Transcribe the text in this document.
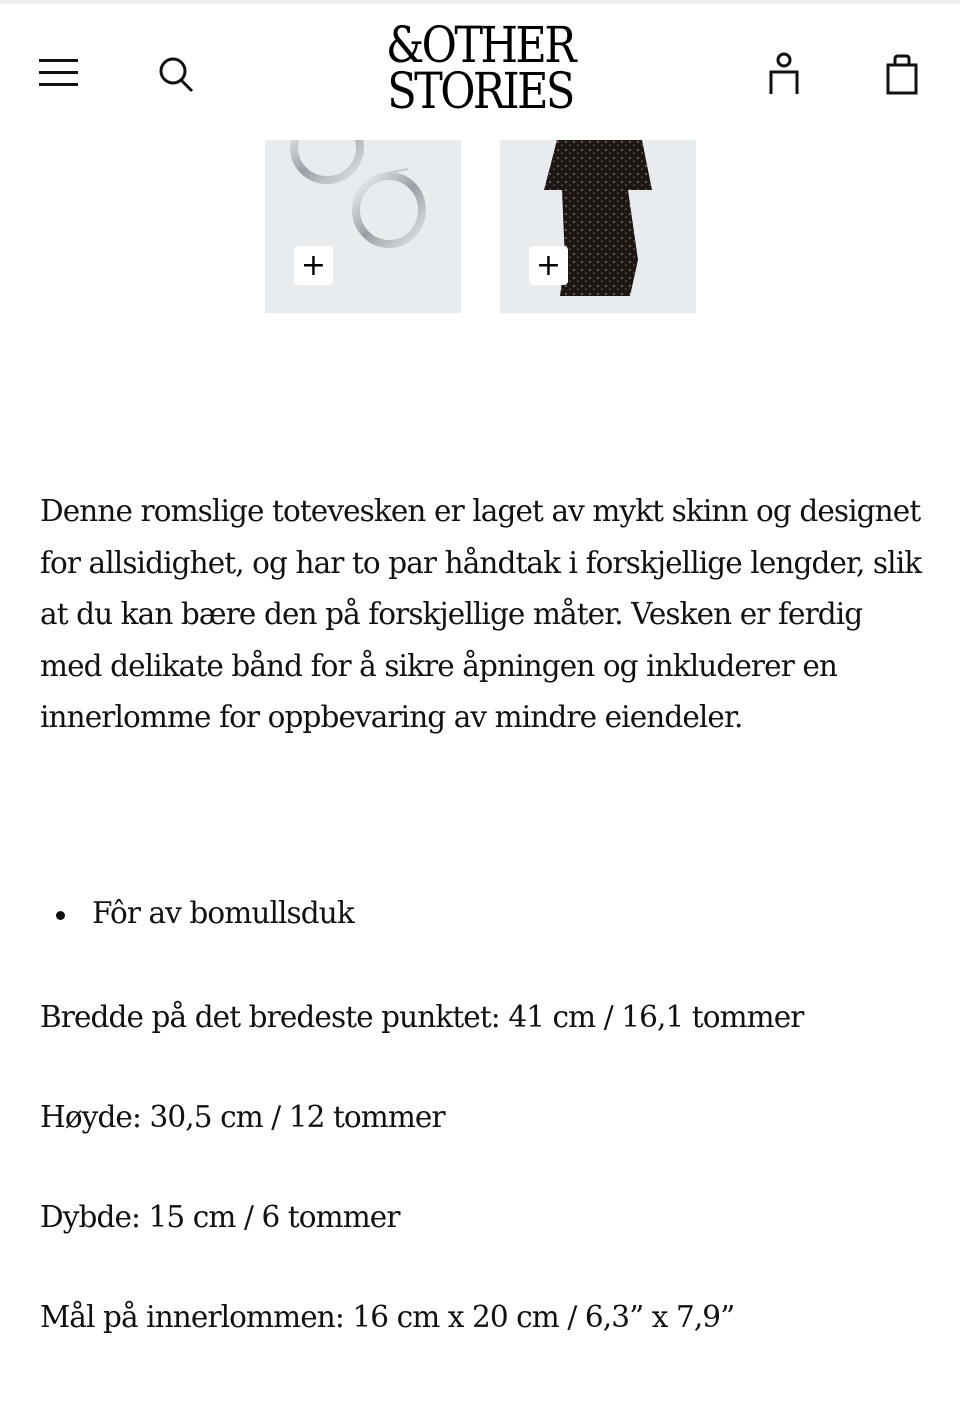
&OTHER
STORIES
+	+

Denne romslige totevesken er laget av mykt skinn og designet for allsidighet, og har to par håndtak i forskjellige lengder, slik at du kan bære den på forskjellige måter. Vesken er ferdig med delikate bånd for å sikre åpningen og inkluderer en innerlomme for oppbevaring av mindre eiendeler.

Fôr av bomullsduk

Bredde på det bredeste punktet: 41 cm / 16,1 tommer

Høyde: 30,5 cm / 12 tommer

Dybde: 15 cm / 6 tommer

Mål på innerlommen: 16 cm x 20 cm / 6,3” x 7,9”
